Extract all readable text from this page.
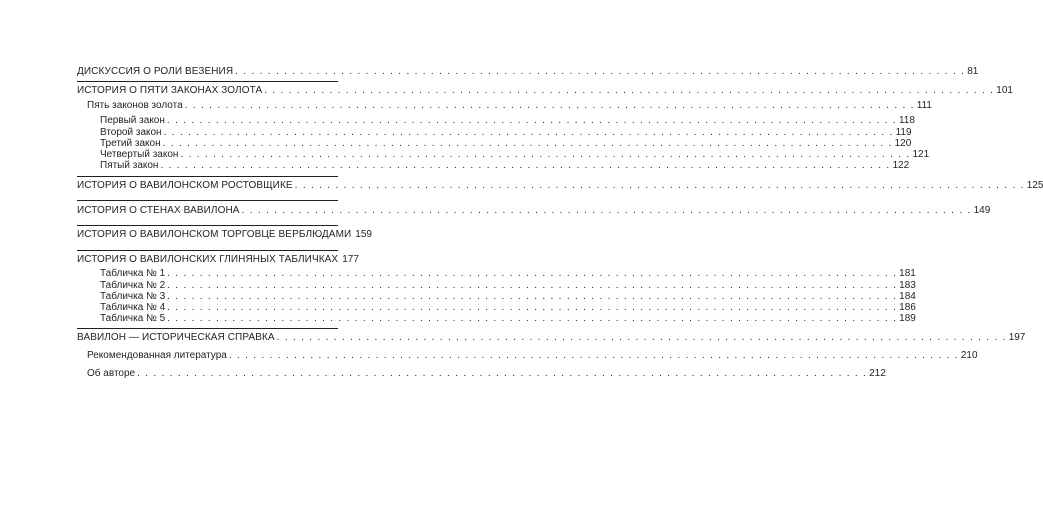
ДИСКУССИЯ О РОЛИ ВЕЗЕНИЯ . . . . . . . . . . . . . . . . . . . . . . . . . . . . . . . . . . . . . . . . . . . . . . . . . . . . . . . . . . . . . . . . . . . . . . . . . . . . . . . . . . . . . . . . . . 81
ИСТОРИЯ О ПЯТИ ЗАКОНАХ ЗОЛОТА . . . . . . . . . . . . . . . . . . . . . . . . . . . . . . . . . . . . . . . . . . . . . . . . . . . . . . . . . . . . . . . . . . . . . . . . . . . . . . . . . . . . . . . . . . 101
Пять законов золота . . . . . . . . . . . . . . . . . . . . . . . . . . . . . . . . . . . . . . . . . . . . . . . . . . . . . . . . . . . . . . . . . . . . . . . . . . . . . . . . . . . . . . . . . . 111
Первый закон . . . . . . . . . . . . . . . . . . . . . . . . . . . . . . . . . . . . . . . . . . . . . . . . . . . . . . . . . . . . . . . . . . . . . . . . . . . . . . . . . . . . . . . . . . 118
Второй закон . . . . . . . . . . . . . . . . . . . . . . . . . . . . . . . . . . . . . . . . . . . . . . . . . . . . . . . . . . . . . . . . . . . . . . . . . . . . . . . . . . . . . . . . . . 119
Третий закон . . . . . . . . . . . . . . . . . . . . . . . . . . . . . . . . . . . . . . . . . . . . . . . . . . . . . . . . . . . . . . . . . . . . . . . . . . . . . . . . . . . . . . . . . . 120
Четвертый закон . . . . . . . . . . . . . . . . . . . . . . . . . . . . . . . . . . . . . . . . . . . . . . . . . . . . . . . . . . . . . . . . . . . . . . . . . . . . . . . . . . . . . . . . . . 121
Пятый закон . . . . . . . . . . . . . . . . . . . . . . . . . . . . . . . . . . . . . . . . . . . . . . . . . . . . . . . . . . . . . . . . . . . . . . . . . . . . . . . . . . . . . . . . . . 122
ИСТОРИЯ О ВАВИЛОНСКОМ РОСТОВЩИКЕ . . . . . . . . . . . . . . . . . . . . . . . . . . . . . . . . . . . . . . . . . . . . . . . . . . . . . . . . . . . . . . . . . . . . . . . . . . . . . . . . . . . . . . . . . . 125
ИСТОРИЯ О СТЕНАХ ВАВИЛОНА . . . . . . . . . . . . . . . . . . . . . . . . . . . . . . . . . . . . . . . . . . . . . . . . . . . . . . . . . . . . . . . . . . . . . . . . . . . . . . . . . . . . . . . . . . 149
ИСТОРИЯ О ВАВИЛОНСКОМ ТОРГОВЦЕ ВЕРБЛЮДАМИ 159
ИСТОРИЯ О ВАВИЛОНСКИХ ГЛИНЯНЫХ ТАБЛИЧКАХ 177
Табличка № 1 . . . . . . . . . . . . . . . . . . . . . . . . . . . . . . . . . . . . . . . . . . . . . . . . . . . . . . . . . . . . . . . . . . . . . . . . . . . . . . . . . . . . . . . . . . 181
Табличка № 2 . . . . . . . . . . . . . . . . . . . . . . . . . . . . . . . . . . . . . . . . . . . . . . . . . . . . . . . . . . . . . . . . . . . . . . . . . . . . . . . . . . . . . . . . . . 183
Табличка № 3 . . . . . . . . . . . . . . . . . . . . . . . . . . . . . . . . . . . . . . . . . . . . . . . . . . . . . . . . . . . . . . . . . . . . . . . . . . . . . . . . . . . . . . . . . . 184
Табличка № 4 . . . . . . . . . . . . . . . . . . . . . . . . . . . . . . . . . . . . . . . . . . . . . . . . . . . . . . . . . . . . . . . . . . . . . . . . . . . . . . . . . . . . . . . . . . 186
Табличка № 5 . . . . . . . . . . . . . . . . . . . . . . . . . . . . . . . . . . . . . . . . . . . . . . . . . . . . . . . . . . . . . . . . . . . . . . . . . . . . . . . . . . . . . . . . . . 189
ВАВИЛОН — ИСТОРИЧЕСКАЯ СПРАВКА . . . . . . . . . . . . . . . . . . . . . . . . . . . . . . . . . . . . . . . . . . . . . . . . . . . . . . . . . . . . . . . . . . . . . . . . . . . . . . . . . . . . . . . . . . 197
Рекомендованная литература . . . . . . . . . . . . . . . . . . . . . . . . . . . . . . . . . . . . . . . . . . . . . . . . . . . . . . . . . . . . . . . . . . . . . . . . . . . . . . . . . . . . . . . . . . 210
Об авторе . . . . . . . . . . . . . . . . . . . . . . . . . . . . . . . . . . . . . . . . . . . . . . . . . . . . . . . . . . . . . . . . . . . . . . . . . . . . . . . . . . . . . . . . . . 212
